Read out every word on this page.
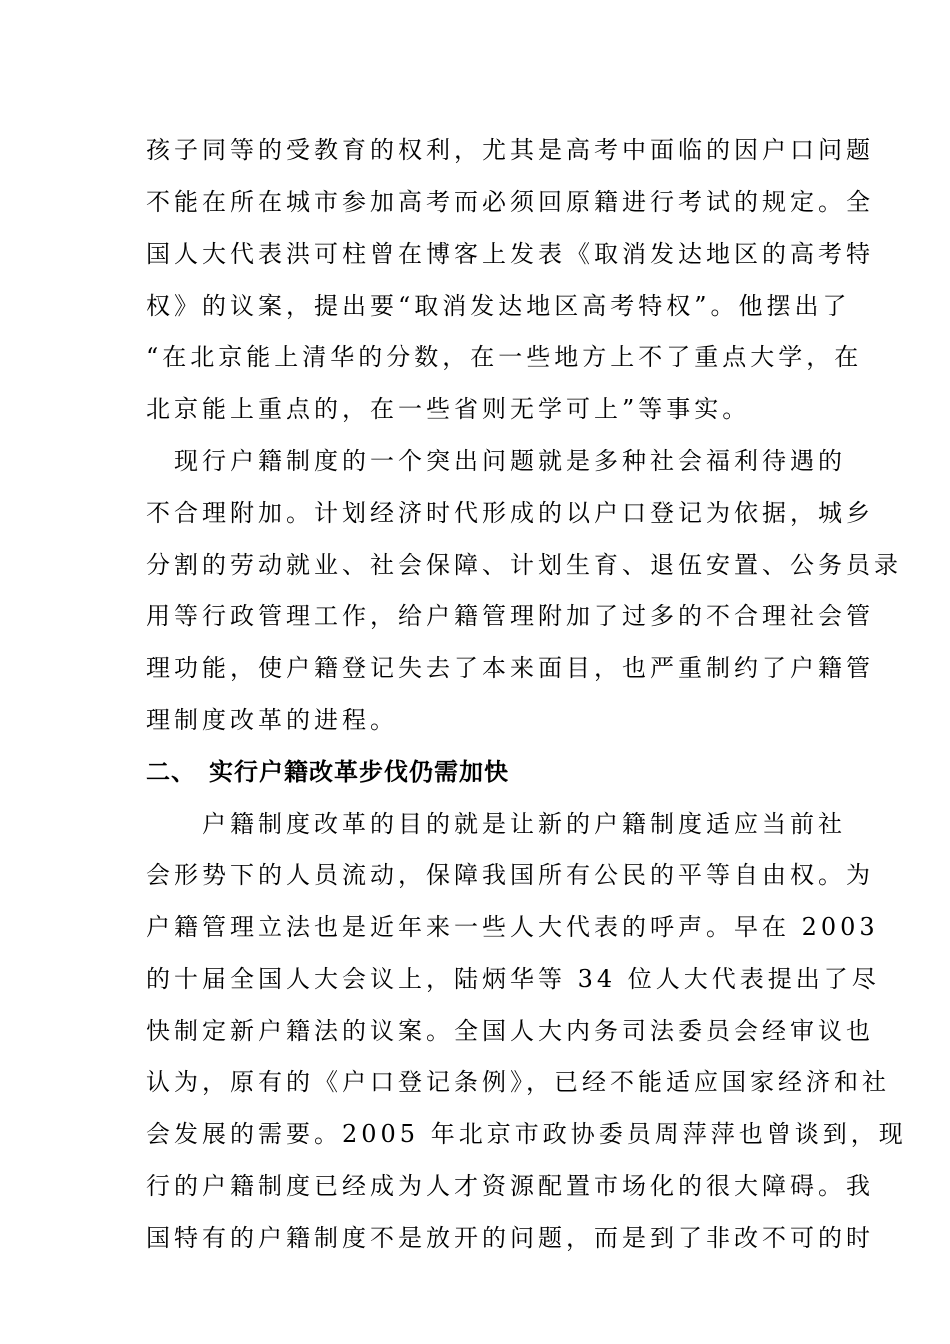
孩子同等的受教育的权利，尤其是高考中面临的因户口问题
不能在所在城市参加高考而必须回原籍进行考试的规定。全
国人大代表洪可柱曾在博客上发表《取消发达地区的高考特
权》的议案，提出要“取消发达地区高考特权”。他摆出了
“在北京能上清华的分数，在一些地方上不了重点大学，在
北京能上重点的，在一些省则无学可上”等事实。
　现行户籍制度的一个突出问题就是多种社会福利待遇的
不合理附加。计划经济时代形成的以户口登记为依据，城乡
分割的劳动就业、社会保障、计划生育、退伍安置、公务员录
用等行政管理工作，给户籍管理附加了过多的不合理社会管
理功能，使户籍登记失去了本来面目，也严重制约了户籍管
理制度改革的进程。
二、　实行户籍改革步伐仍需加快
　　户籍制度改革的目的就是让新的户籍制度适应当前社
会形势下的人员流动，保障我国所有公民的平等自由权。为
户籍管理立法也是近年来一些人大代表的呼声。早在 2003
的十届全国人大会议上，陆炳华等 34 位人大代表提出了尽
快制定新户籍法的议案。全国人大内务司法委员会经审议也
认为，原有的《户口登记条例》，已经不能适应国家经济和社
会发展的需要。2005 年北京市政协委员周萍萍也曾谈到，现
行的户籍制度已经成为人才资源配置市场化的很大障碍。我
国特有的户籍制度不是放开的问题，而是到了非改不可的时
